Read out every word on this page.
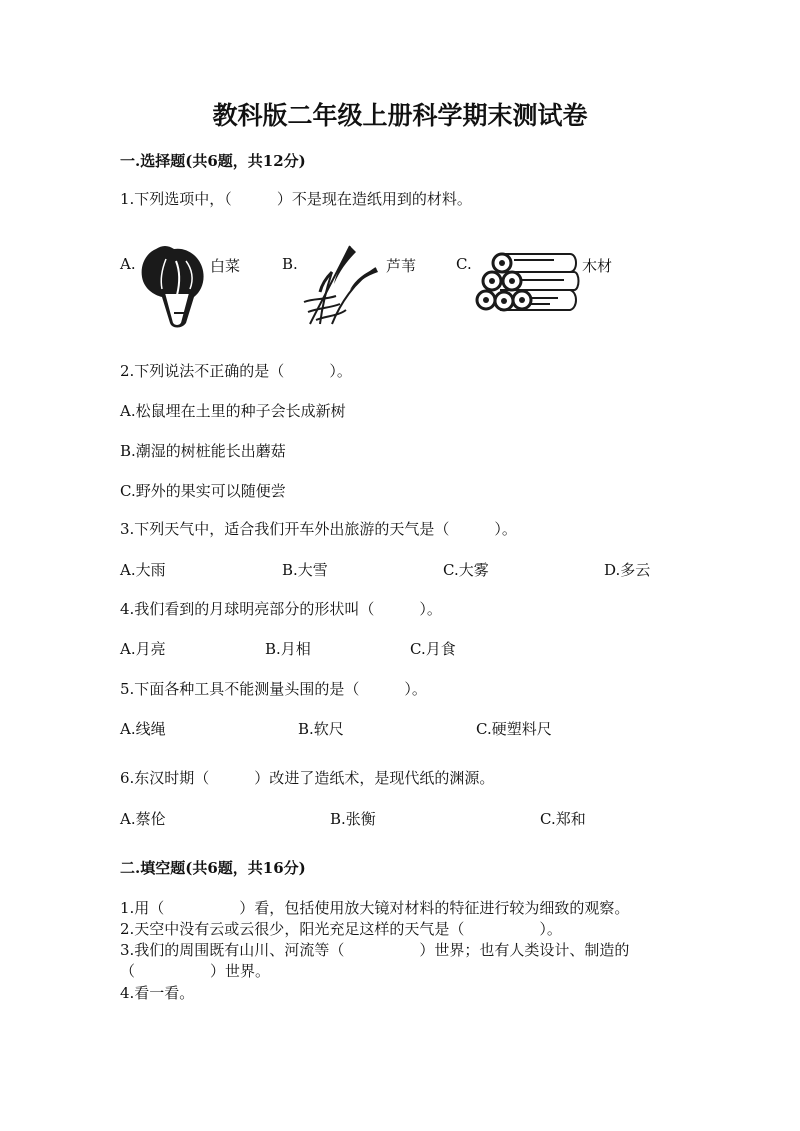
教科版二年级上册科学期末测试卷
一.选择题(共6题，共12分)
1.下列选项中，（　　　）不是现在造纸用到的材料。
A.	白菜	B.	芦苇	C.	木材
2.下列说法不正确的是（　　　）。
A.松鼠埋在土里的种子会长成新树
B.潮湿的树桩能长出蘑菇
C.野外的果实可以随便尝
3.下列天气中，适合我们开车外出旅游的天气是（　　　）。
A.大雨	B.大雪	C.大雾	D.多云
4.我们看到的月球明亮部分的形状叫（　　　）。
A.月亮	B.月相	C.月食
5.下面各种工具不能测量头围的是（　　　）。
A.线绳	B.软尺	C.硬塑料尺
6.东汉时期（　　　）改进了造纸术，是现代纸的渊源。
A.蔡伦	B.张衡	C.郑和
二.填空题(共6题，共16分)
1.用（　　　　　）看，包括使用放大镜对材料的特征进行较为细致的观察。
2.天空中没有云或云很少，阳光充足这样的天气是（　　　　　）。
3.我们的周围既有山川、河流等（　　　　　）世界；也有人类设计、制造的
（　　　　　）世界。
4.看一看。
